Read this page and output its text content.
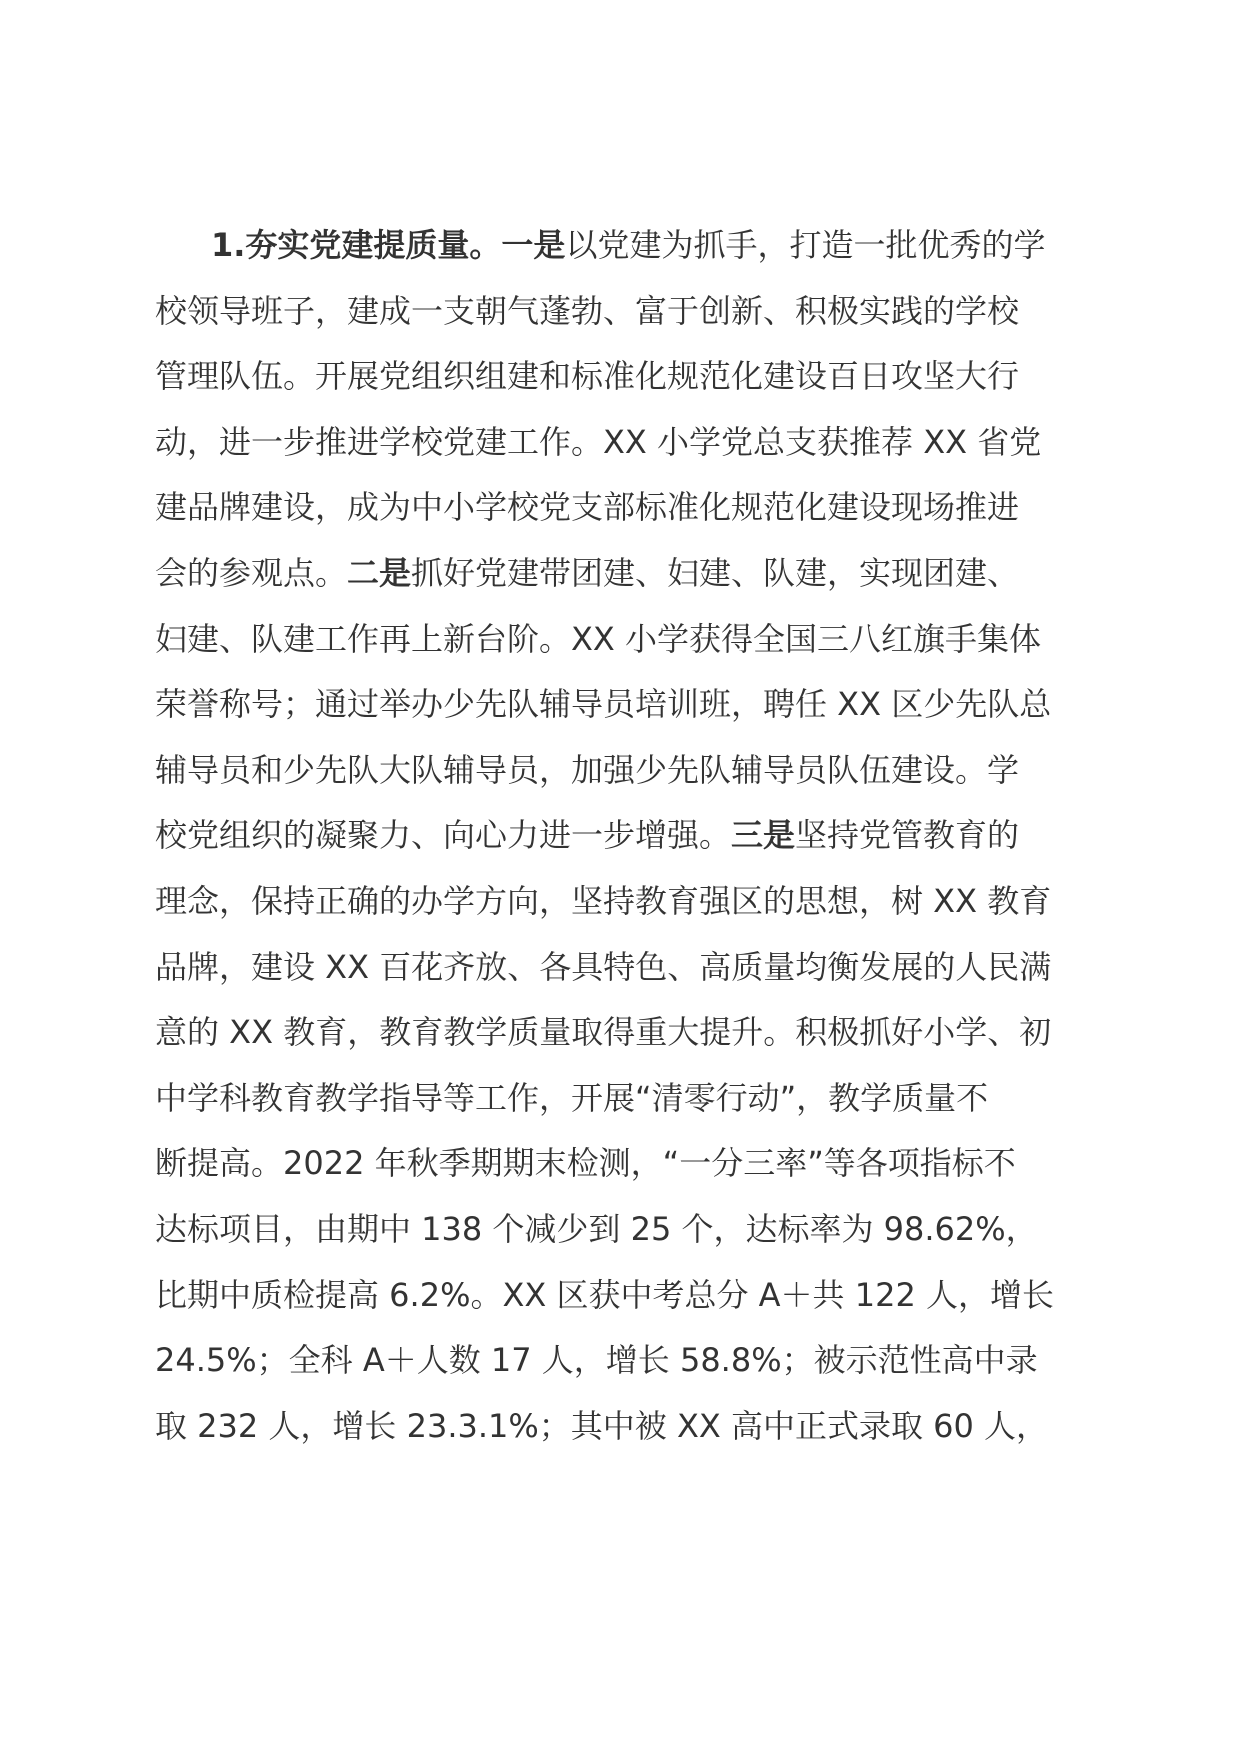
1.夯实党建提质量。一是以党建为抓手，打造一批优秀的学
校领导班子，建成一支朝气蓬勃、富于创新、积极实践的学校
管理队伍。开展党组织组建和标准化规范化建设百日攻坚大行
动，进一步推进学校党建工作。XX 小学党总支获推荐 XX 省党
建品牌建设，成为中小学校党支部标准化规范化建设现场推进
会的参观点。二是抓好党建带团建、妇建、队建，实现团建、
妇建、队建工作再上新台阶。XX 小学获得全国三八红旗手集体
荣誉称号；通过举办少先队辅导员培训班，聘任 XX 区少先队总
辅导员和少先队大队辅导员，加强少先队辅导员队伍建设。学
校党组织的凝聚力、向心力进一步增强。三是坚持党管教育的
理念，保持正确的办学方向，坚持教育强区的思想，树 XX 教育
品牌，建设 XX 百花齐放、各具特色、高质量均衡发展的人民满
意的 XX 教育，教育教学质量取得重大提升。积极抓好小学、初
中学科教育教学指导等工作，开展“清零行动”，教学质量不
断提高。2022 年秋季期期末检测，“一分三率”等各项指标不
达标项目，由期中 138 个减少到 25 个，达标率为 98.62%，
比期中质检提高 6.2%。XX 区获中考总分 A＋共 122 人，增长
24.5%；全科 A＋人数 17 人，增长 58.8%；被示范性高中录
取 232 人，增长 23.3.1%；其中被 XX 高中正式录取 60 人，
